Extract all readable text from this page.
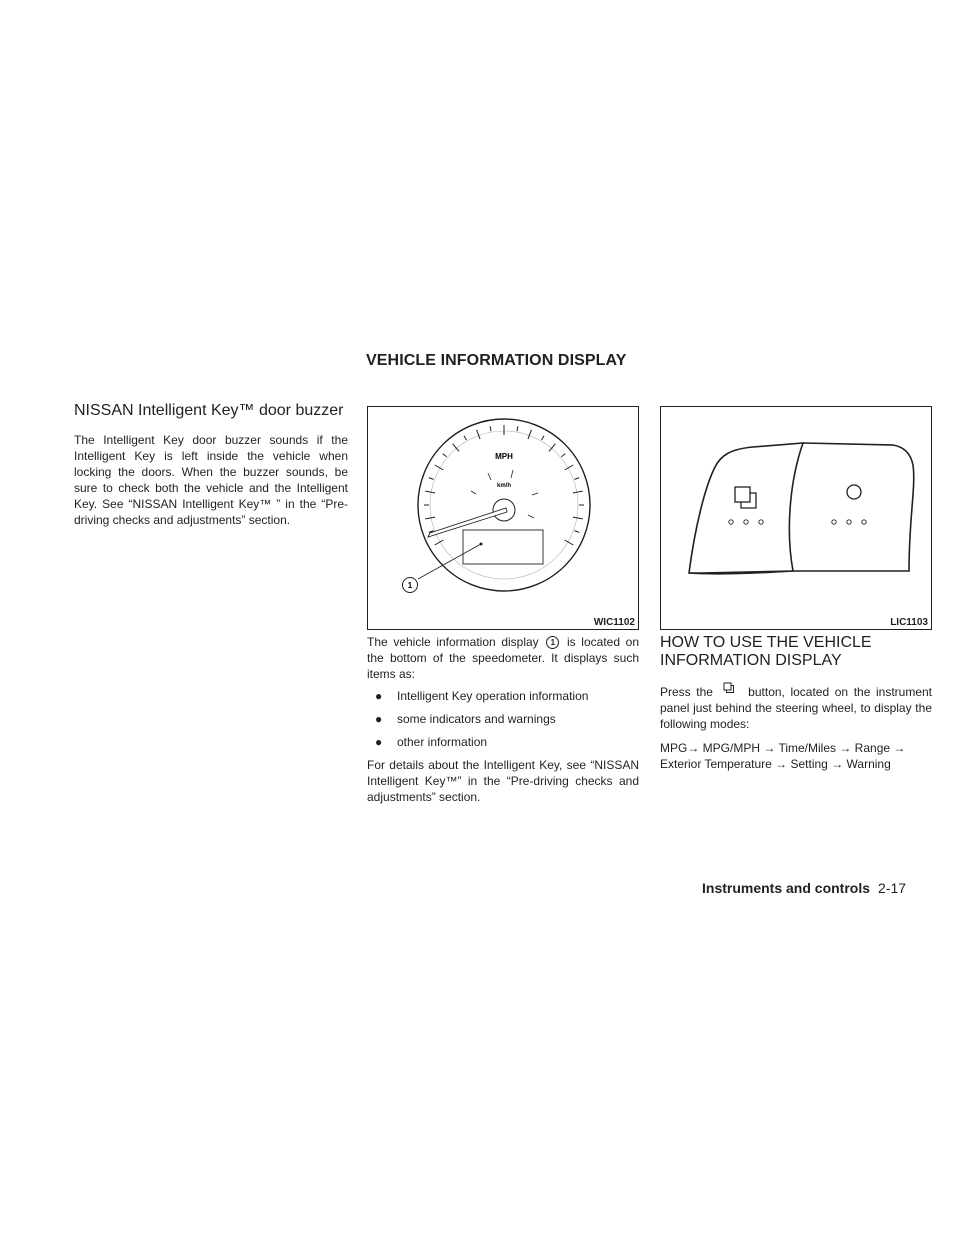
VEHICLE INFORMATION DISPLAY
NISSAN Intelligent Key™ door buzzer

The Intelligent Key door buzzer sounds if the Intelligent Key is left inside the vehicle when locking the doors. When the buzzer sounds, be sure to check both the vehicle and the Intelligent Key. See “NISSAN Intelligent Key™ ” in the “Pre-driving checks and adjustments” section.

MPH
km/h
1
WIC1102	LIC1103

The vehicle information display 1 is located on the bottom of the speedometer. It displays such items as:

●	Intelligent Key operation information
●	some indicators and warnings
●	other information

For details about the Intelligent Key, see “NISSAN Intelligent Key™” in the “Pre-driving checks and adjustments” section.

HOW TO USE THE VEHICLE INFORMATION DISPLAY

Press the	button, located on the instrument panel just behind the steering wheel, to display the following modes:

MPG→ MPG/MPH → Time/Miles → Range → Exterior Temperature → Setting → Warning

Instruments and controls 2-17
